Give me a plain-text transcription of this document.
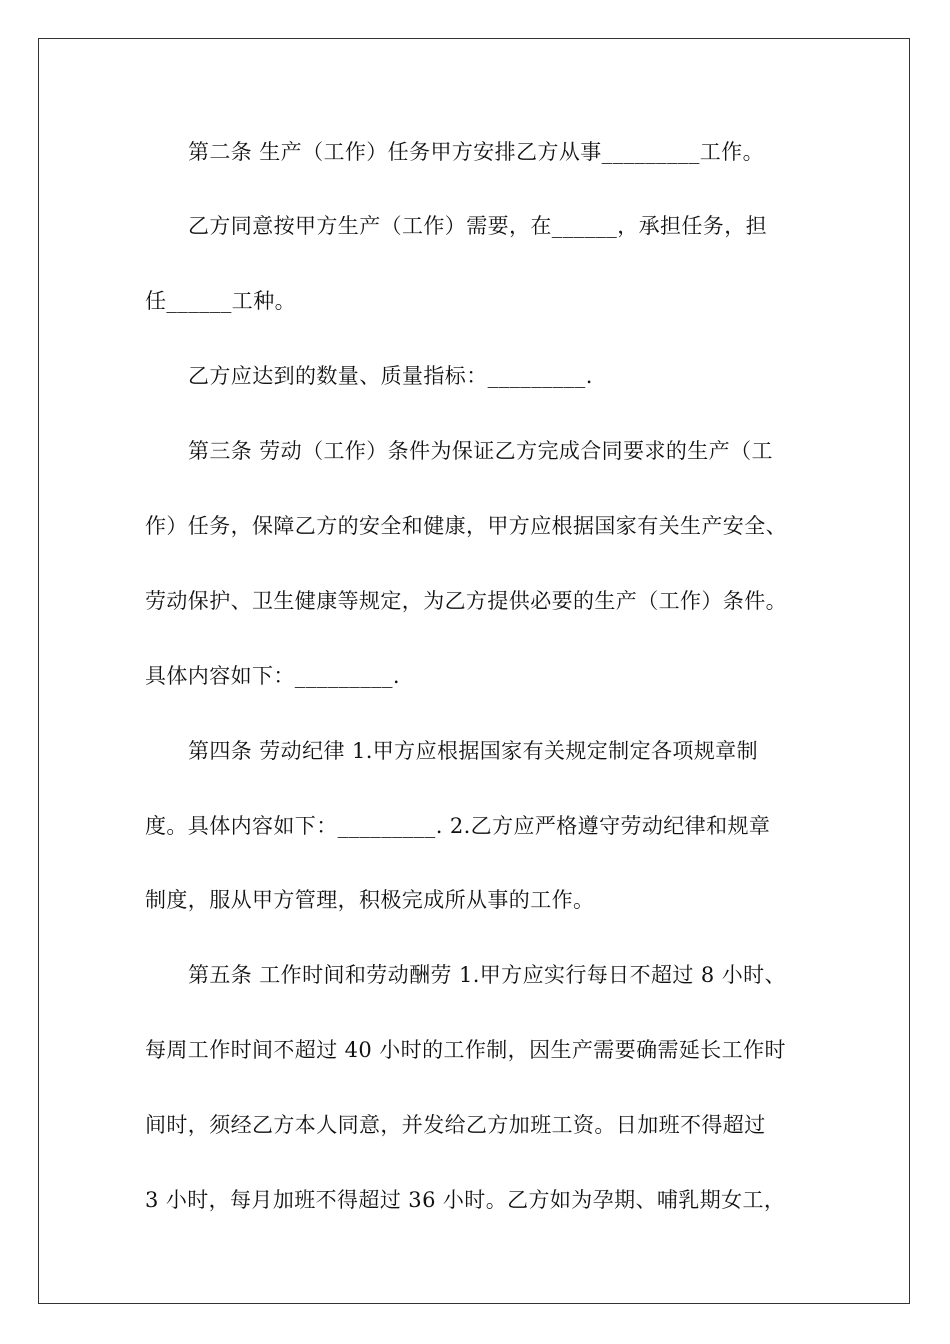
第二条 生产（工作）任务甲方安排乙方从事_________工作。
乙方同意按甲方生产（工作）需要，在______，承担任务，担
任______工种。
乙方应达到的数量、质量指标：_________.
第三条 劳动（工作）条件为保证乙方完成合同要求的生产（工
作）任务，保障乙方的安全和健康，甲方应根据国家有关生产安全、
劳动保护、卫生健康等规定，为乙方提供必要的生产（工作）条件。
具体内容如下：_________.
第四条 劳动纪律 1.甲方应根据国家有关规定制定各项规章制
度。具体内容如下：_________. 2.乙方应严格遵守劳动纪律和规章
制度，服从甲方管理，积极完成所从事的工作。
第五条 工作时间和劳动酬劳 1.甲方应实行每日不超过 8 小时、
每周工作时间不超过 40 小时的工作制，因生产需要确需延长工作时
间时，须经乙方本人同意，并发给乙方加班工资。日加班不得超过
3 小时，每月加班不得超过 36 小时。乙方如为孕期、哺乳期女工，
